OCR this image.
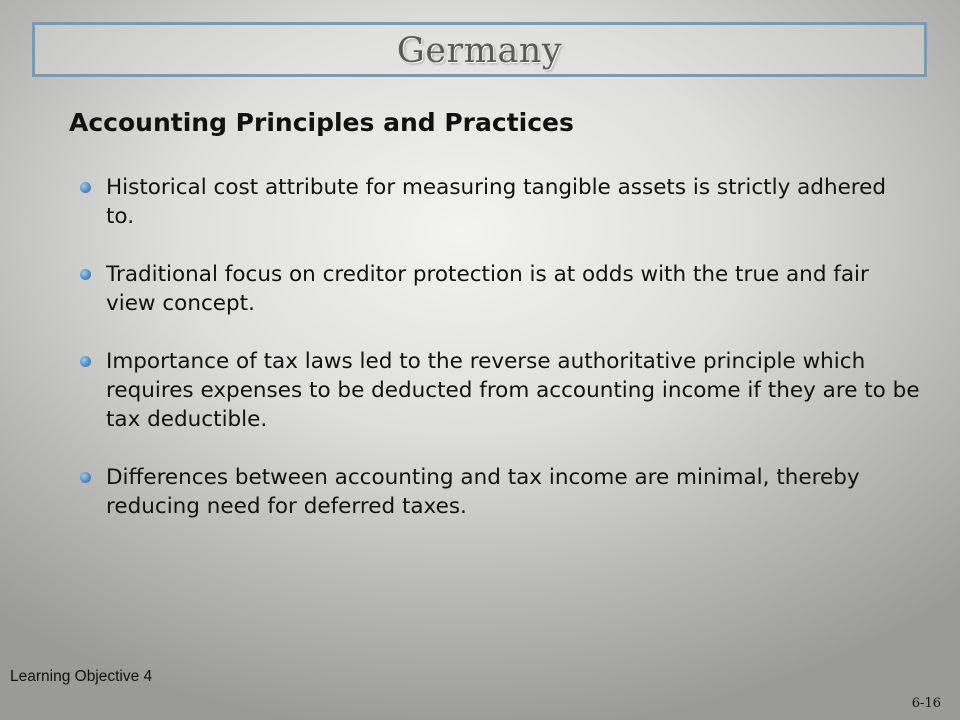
Germany
Accounting Principles and Practices
Historical cost attribute for measuring tangible assets is strictly adhered to.
Traditional focus on creditor protection is at odds with the true and fair view concept.
Importance of tax laws led to the reverse authoritative principle which requires expenses to be deducted from accounting income if they are to be tax deductible.
Differences between accounting and tax income are minimal, thereby reducing need for deferred taxes.
Learning Objective 4
6-16
